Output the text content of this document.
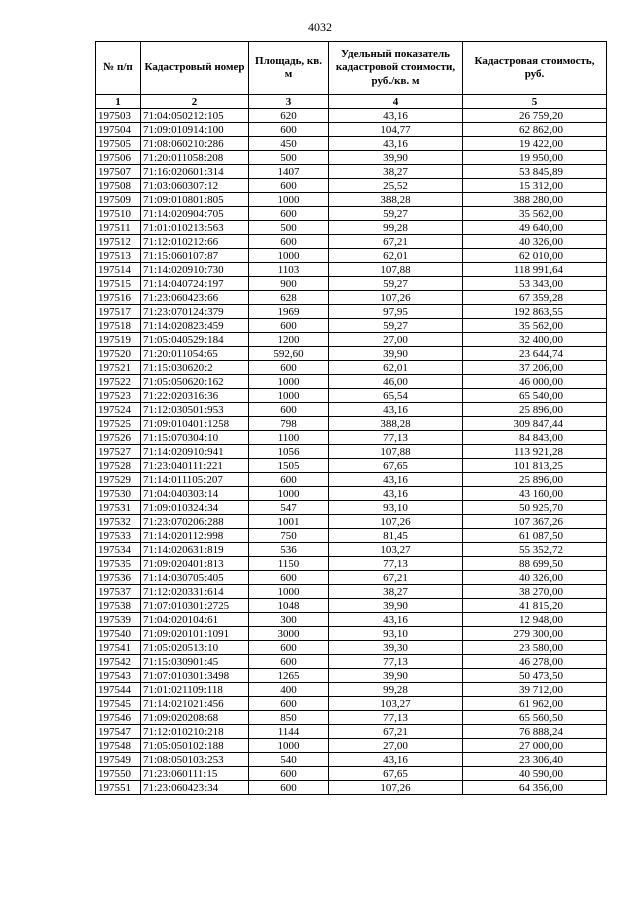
4032
№ п/п	Кадастровый номер	Площадь, кв. м	Удельный показатель кадастровой стоимости, руб./кв. м	Кадастровая стоимость, руб.
1	2	3	4	5
197503	71:04:050212:105	620	43,16	26 759,20
197504	71:09:010914:100	600	104,77	62 862,00
197505	71:08:060210:286	450	43,16	19 422,00
197506	71:20:011058:208	500	39,90	19 950,00
197507	71:16:020601:314	1407	38,27	53 845,89
197508	71:03:060307:12	600	25,52	15 312,00
197509	71:09:010801:805	1000	388,28	388 280,00
197510	71:14:020904:705	600	59,27	35 562,00
197511	71:01:010213:563	500	99,28	49 640,00
197512	71:12:010212:66	600	67,21	40 326,00
197513	71:15:060107:87	1000	62,01	62 010,00
197514	71:14:020910:730	1103	107,88	118 991,64
197515	71:14:040724:197	900	59,27	53 343,00
197516	71:23:060423:66	628	107,26	67 359,28
197517	71:23:070124:379	1969	97,95	192 863,55
197518	71:14:020823:459	600	59,27	35 562,00
197519	71:05:040529:184	1200	27,00	32 400,00
197520	71:20:011054:65	592,60	39,90	23 644,74
197521	71:15:030620:2	600	62,01	37 206,00
197522	71:05:050620:162	1000	46,00	46 000,00
197523	71:22:020316:36	1000	65,54	65 540,00
197524	71:12:030501:953	600	43,16	25 896,00
197525	71:09:010401:1258	798	388,28	309 847,44
197526	71:15:070304:10	1100	77,13	84 843,00
197527	71:14:020910:941	1056	107,88	113 921,28
197528	71:23:040111:221	1505	67,65	101 813,25
197529	71:14:011105:207	600	43,16	25 896,00
197530	71:04:040303:14	1000	43,16	43 160,00
197531	71:09:010324:34	547	93,10	50 925,70
197532	71:23:070206:288	1001	107,26	107 367,26
197533	71:14:020112:998	750	81,45	61 087,50
197534	71:14:020631:819	536	103,27	55 352,72
197535	71:09:020401:813	1150	77,13	88 699,50
197536	71:14:030705:405	600	67,21	40 326,00
197537	71:12:020331:614	1000	38,27	38 270,00
197538	71:07:010301:2725	1048	39,90	41 815,20
197539	71:04:020104:61	300	43,16	12 948,00
197540	71:09:020101:1091	3000	93,10	279 300,00
197541	71:05:020513:10	600	39,30	23 580,00
197542	71:15:030901:45	600	77,13	46 278,00
197543	71:07:010301:3498	1265	39,90	50 473,50
197544	71:01:021109:118	400	99,28	39 712,00
197545	71:14:021021:456	600	103,27	61 962,00
197546	71:09:020208:68	850	77,13	65 560,50
197547	71:12:010210:218	1144	67,21	76 888,24
197548	71:05:050102:188	1000	27,00	27 000,00
197549	71:08:050103:253	540	43,16	23 306,40
197550	71:23:060111:15	600	67,65	40 590,00
197551	71:23:060423:34	600	107,26	64 356,00
